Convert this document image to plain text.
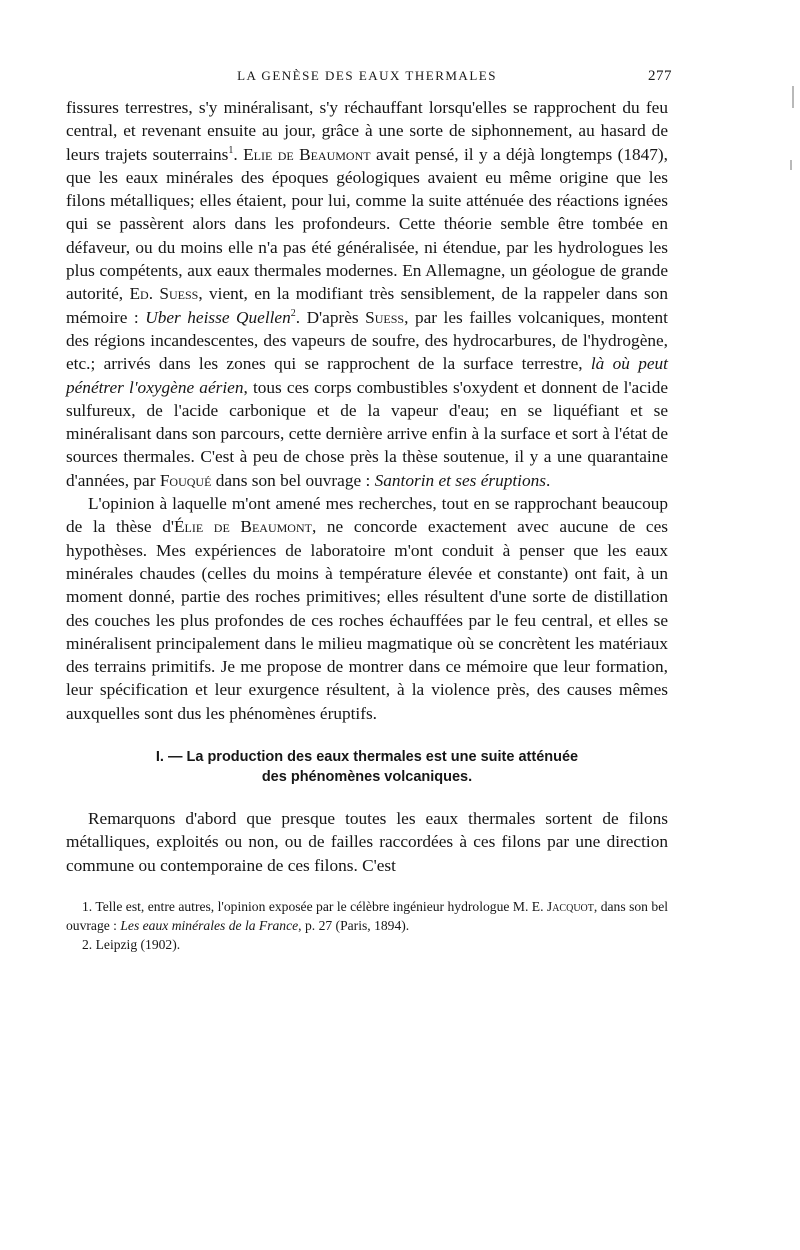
LA GENÈSE DES EAUX THERMALES	277

fissures terrestres, s'y minéralisant, s'y réchauffant lorsqu'elles se rapprochent du feu central, et revenant ensuite au jour, grâce à une sorte de siphonnement, au hasard de leurs trajets souterrains$^1$. Elie de Beaumont avait pensé, il y a déjà longtemps (1847), que les eaux minérales des époques géologiques avaient eu même origine que les filons métalliques; elles étaient, pour lui, comme la suite atténuée des réactions ignées qui se passèrent alors dans les profondeurs. Cette théorie semble être tombée en défaveur, ou du moins elle n'a pas été généralisée, ni étendue, par les hydrologues les plus compétents, aux eaux thermales modernes. En Allemagne, un géologue de grande autorité, Ed. Suess, vient, en la modifiant très sensiblement, de la rappeler dans son mémoire : Uber heisse Quellen$^2$. D'après Suess, par les failles volcaniques, montent des régions incandescentes, des vapeurs de soufre, des hydrocarbures, de l'hydrogène, etc.; arrivés dans les zones qui se rapprochent de la surface terrestre, là où peut pénétrer l'oxygène aérien, tous ces corps combustibles s'oxydent et donnent de l'acide sulfureux, de l'acide carbonique et de la vapeur d'eau; en se liquéfiant et se minéralisant dans son parcours, cette dernière arrive enfin à la surface et sort à l'état de sources thermales. C'est à peu de chose près la thèse soutenue, il y a une quarantaine d'années, par Fouqué dans son bel ouvrage : Santorin et ses éruptions.

L'opinion à laquelle m'ont amené mes recherches, tout en se rapprochant beaucoup de la thèse d'Élie de Beaumont, ne concorde exactement avec aucune de ces hypothèses. Mes expériences de laboratoire m'ont conduit à penser que les eaux minérales chaudes (celles du moins à température élevée et constante) ont fait, à un moment donné, partie des roches primitives; elles résultent d'une sorte de distillation des couches les plus profondes de ces roches échauffées par le feu central, et elles se minéralisent principalement dans le milieu magmatique où se concrètent les matériaux des terrains primitifs. Je me propose de montrer dans ce mémoire que leur formation, leur spécification et leur exurgence résultent, à la violence près, des causes mêmes auxquelles sont dus les phénomènes éruptifs.

I. — La production des eaux thermales est une suite atténuée
des phénomènes volcaniques.

Remarquons d'abord que presque toutes les eaux thermales sortent de filons métalliques, exploités ou non, ou de failles raccordées à ces filons par une direction commune ou contemporaine de ces filons. C'est

1. Telle est, entre autres, l'opinion exposée par le célèbre ingénieur hydrologue M. E. Jacquot, dans son bel ouvrage : Les eaux minérales de la France, p. 27 (Paris, 1894).

2. Leipzig (1902).
